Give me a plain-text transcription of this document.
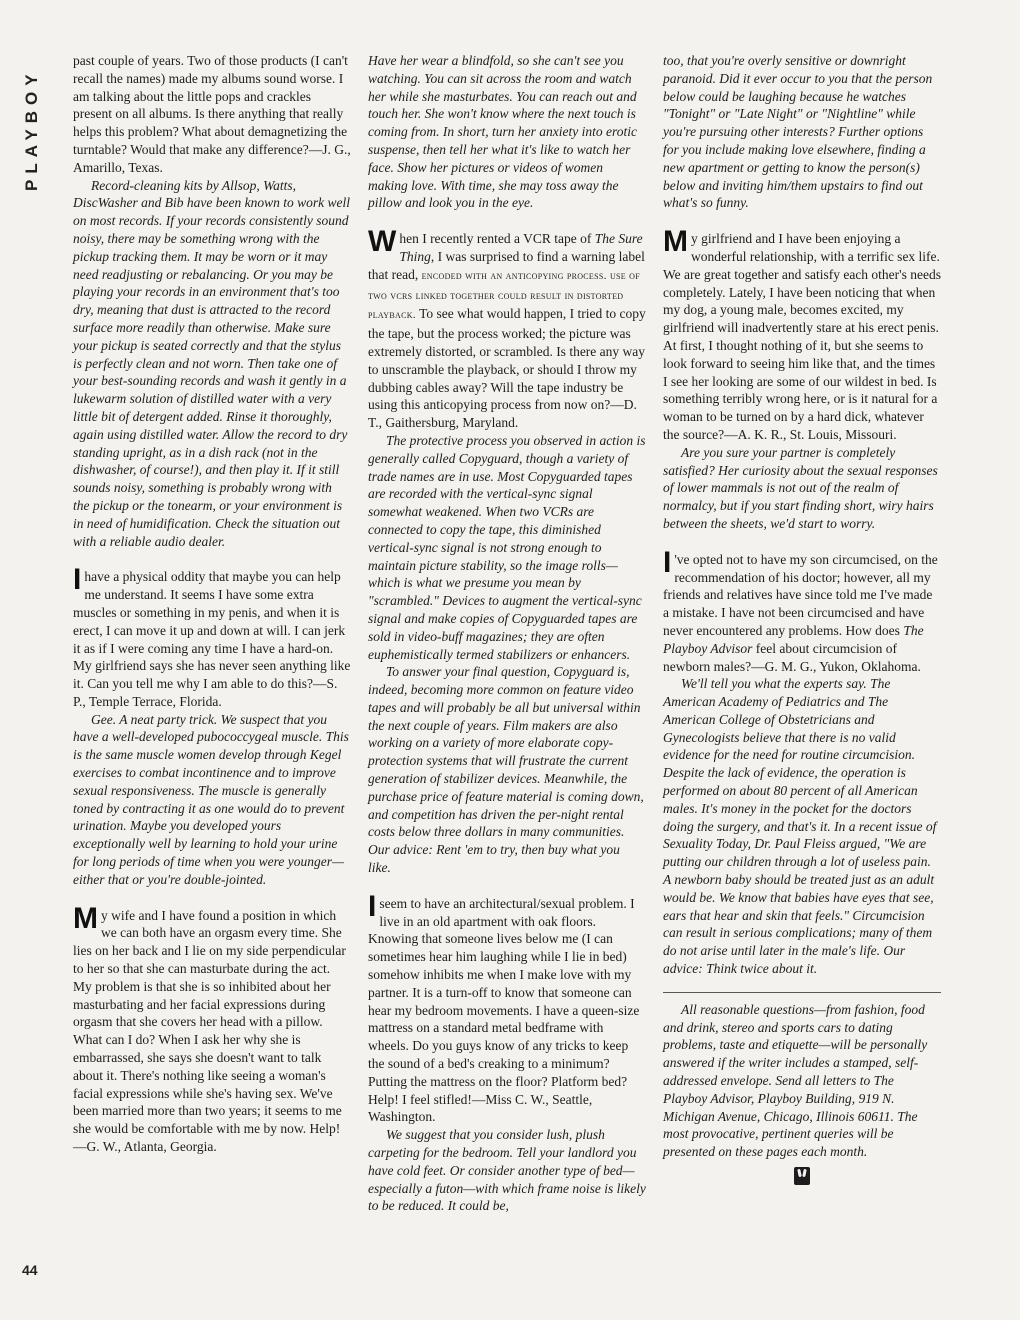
PLAYBOY
44

past couple of years. Two of those products (I can't recall the names) made my albums sound worse. I am talking about the little pops and crackles present on all albums. Is there anything that really helps this problem? What about demagnetizing the turntable? Would that make any difference?—J. G., Amarillo, Texas.

Record-cleaning kits by Allsop, Watts, DiscWasher and Bib have been known to work well on most records. If your records consistently sound noisy, there may be something wrong with the pickup tracking them. It may be worn or it may need readjusting or rebalancing. Or you may be playing your records in an environment that's too dry, meaning that dust is attracted to the record surface more readily than otherwise. Make sure your pickup is seated correctly and that the stylus is perfectly clean and not worn. Then take one of your best-sounding records and wash it gently in a lukewarm solution of distilled water with a very little bit of detergent added. Rinse it thoroughly, again using distilled water. Allow the record to dry standing upright, as in a dish rack (not in the dishwasher, of course!), and then play it. If it still sounds noisy, something is probably wrong with the pickup or the tonearm, or your environment is in need of humidification. Check the situation out with a reliable audio dealer.

I have a physical oddity that maybe you can help me understand. It seems I have some extra muscles or something in my penis, and when it is erect, I can move it up and down at will. I can jerk it as if I were coming any time I have a hard-on. My girlfriend says she has never seen anything like it. Can you tell me why I am able to do this?—S. P., Temple Terrace, Florida.

Gee. A neat party trick. We suspect that you have a well-developed pubococcygeal muscle. This is the same muscle women develop through Kegel exercises to combat incontinence and to improve sexual responsiveness. The muscle is generally toned by contracting it as one would do to prevent urination. Maybe you developed yours exceptionally well by learning to hold your urine for long periods of time when you were younger—either that or you're double-jointed.

My wife and I have found a position in which we can both have an orgasm every time. She lies on her back and I lie on my side perpendicular to her so that she can masturbate during the act. My problem is that she is so inhibited about her masturbating and her facial expressions during orgasm that she covers her head with a pillow. What can I do? When I ask her why she is embarrassed, she says she doesn't want to talk about it. There's nothing like seeing a woman's facial expressions while she's having sex. We've been married more than two years; it seems to me she would be comfortable with me by now. Help!—G. W., Atlanta, Georgia.

Have her wear a blindfold, so she can't see you watching. You can sit across the room and watch her while she masturbates. You can reach out and touch her. She won't know where the next touch is coming from. In short, turn her anxiety into erotic suspense, then tell her what it's like to watch her face. Show her pictures or videos of women making love. With time, she may toss away the pillow and look you in the eye.

When I recently rented a VCR tape of The Sure Thing, I was surprised to find a warning label that read, encoded with an anticopying process. use of two vcrs linked together could result in distorted playback. To see what would happen, I tried to copy the tape, but the process worked; the picture was extremely distorted, or scrambled. Is there any way to unscramble the playback, or should I throw my dubbing cables away? Will the tape industry be using this anticopying process from now on?—D. T., Gaithersburg, Maryland.

The protective process you observed in action is generally called Copyguard, though a variety of trade names are in use. Most Copyguarded tapes are recorded with the vertical-sync signal somewhat weakened. When two VCRs are connected to copy the tape, this diminished vertical-sync signal is not strong enough to maintain picture stability, so the image rolls—which is what we presume you mean by "scrambled." Devices to augment the vertical-sync signal and make copies of Copyguarded tapes are sold in video-buff magazines; they are often euphemistically termed stabilizers or enhancers.

To answer your final question, Copyguard is, indeed, becoming more common on feature video tapes and will probably be all but universal within the next couple of years. Film makers are also working on a variety of more elaborate copy-protection systems that will frustrate the current generation of stabilizer devices. Meanwhile, the purchase price of feature material is coming down, and competition has driven the per-night rental costs below three dollars in many communities. Our advice: Rent 'em to try, then buy what you like.

I seem to have an architectural/sexual problem. I live in an old apartment with oak floors. Knowing that someone lives below me (I can sometimes hear him laughing while I lie in bed) somehow inhibits me when I make love with my partner. It is a turn-off to know that someone can hear my bedroom movements. I have a queen-size mattress on a standard metal bedframe with wheels. Do you guys know of any tricks to keep the sound of a bed's creaking to a minimum? Putting the mattress on the floor? Platform bed? Help! I feel stifled!—Miss C. W., Seattle, Washington.

We suggest that you consider lush, plush carpeting for the bedroom. Tell your landlord you have cold feet. Or consider another type of bed—especially a futon—with which frame noise is likely to be reduced. It could be,

too, that you're overly sensitive or downright paranoid. Did it ever occur to you that the person below could be laughing because he watches "Tonight" or "Late Night" or "Nightline" while you're pursuing other interests? Further options for you include making love elsewhere, finding a new apartment or getting to know the person(s) below and inviting him/them upstairs to find out what's so funny.

My girlfriend and I have been enjoying a wonderful relationship, with a terrific sex life. We are great together and satisfy each other's needs completely. Lately, I have been noticing that when my dog, a young male, becomes excited, my girlfriend will inadvertently stare at his erect penis. At first, I thought nothing of it, but she seems to look forward to seeing him like that, and the times I see her looking are some of our wildest in bed. Is something terribly wrong here, or is it natural for a woman to be turned on by a hard dick, whatever the source?—A. K. R., St. Louis, Missouri.

Are you sure your partner is completely satisfied? Her curiosity about the sexual responses of lower mammals is not out of the realm of normalcy, but if you start finding short, wiry hairs between the sheets, we'd start to worry.

I 've opted not to have my son circumcised, on the recommendation of his doctor; however, all my friends and relatives have since told me I've made a mistake. I have not been circumcised and have never encountered any problems. How does The Playboy Advisor feel about circumcision of newborn males?—G. M. G., Yukon, Oklahoma.

We'll tell you what the experts say. The American Academy of Pediatrics and The American College of Obstetricians and Gynecologists believe that there is no valid evidence for the need for routine circumcision. Despite the lack of evidence, the operation is performed on about 80 percent of all American males. It's money in the pocket for the doctors doing the surgery, and that's it. In a recent issue of Sexuality Today, Dr. Paul Fleiss argued, "We are putting our children through a lot of useless pain. A newborn baby should be treated just as an adult would be. We know that babies have eyes that see, ears that hear and skin that feels." Circumcision can result in serious complications; many of them do not arise until later in the male's life. Our advice: Think twice about it.

All reasonable questions—from fashion, food and drink, stereo and sports cars to dating problems, taste and etiquette—will be personally answered if the writer includes a stamped, self-addressed envelope. Send all letters to The Playboy Advisor, Playboy Building, 919 N. Michigan Avenue, Chicago, Illinois 60611. The most provocative, pertinent queries will be presented on these pages each month.
